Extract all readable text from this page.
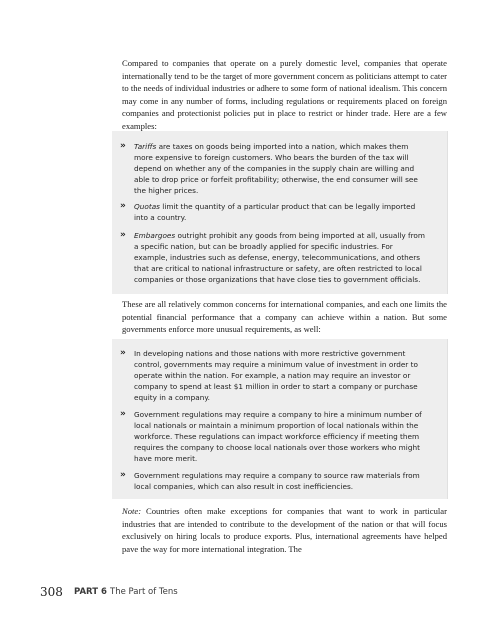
Compared to companies that operate on a purely domestic level, companies that operate internationally tend to be the target of more government concern as politicians attempt to cater to the needs of individual industries or adhere to some form of national idealism. This concern may come in any number of forms, including regulations or requirements placed on foreign companies and protectionist policies put in place to restrict or hinder trade. Here are a few examples:

» Tariffs are taxes on goods being imported into a nation, which makes them more expensive to foreign customers. Who bears the burden of the tax will depend on whether any of the companies in the supply chain are willing and able to drop price or forfeit profitability; otherwise, the end consumer will see the higher prices.
» Quotas limit the quantity of a particular product that can be legally imported into a country.
» Embargoes outright prohibit any goods from being imported at all, usually from a specific nation, but can be broadly applied for specific industries. For example, industries such as defense, energy, telecommunications, and others that are critical to national infrastructure or safety, are often restricted to local companies or those organizations that have close ties to government officials.

These are all relatively common concerns for international companies, and each one limits the potential financial performance that a company can achieve within a nation. But some governments enforce more unusual requirements, as well:

» In developing nations and those nations with more restrictive government control, governments may require a minimum value of investment in order to operate within the nation. For example, a nation may require an investor or company to spend at least $1 million in order to start a company or purchase equity in a company.
» Government regulations may require a company to hire a minimum number of local nationals or maintain a minimum proportion of local nationals within the workforce. These regulations can impact workforce efficiency if meeting them requires the company to choose local nationals over those workers who might have more merit.
» Government regulations may require a company to source raw materials from local companies, which can also result in cost inefficiencies.

Note: Countries often make exceptions for companies that want to work in particular industries that are intended to contribute to the development of the nation or that will focus exclusively on hiring locals to produce exports. Plus, international agreements have helped pave the way for more international integration. The

308 PART 6 The Part of Tens
